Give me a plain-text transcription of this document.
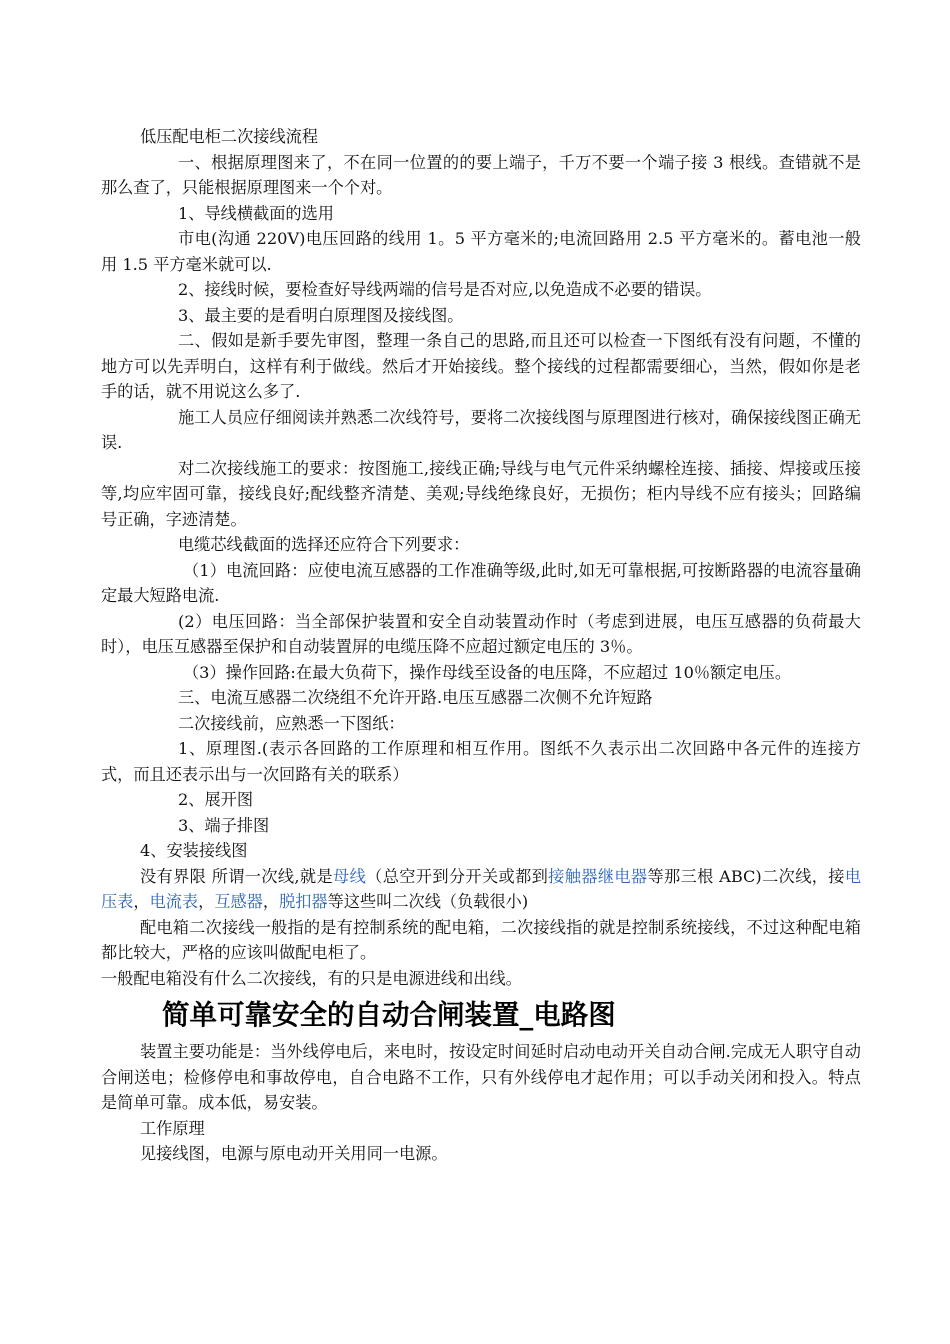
低压配电柜二次接线流程

一、根据原理图来了，不在同一位置的的要上端子，千万不要一个端子接 3 根线。查错就不是那么查了，只能根据原理图来一个个对。

1、导线横截面的选用

市电(沟通 220V)电压回路的线用 1。5 平方毫米的;电流回路用 2.5 平方毫米的。蓄电池一般用 1.5 平方毫米就可以.

2、接线时候，要检查好导线两端的信号是否对应,以免造成不必要的错误。

3、最主要的是看明白原理图及接线图。

二、假如是新手要先审图，整理一条自己的思路,而且还可以检查一下图纸有没有问题，不懂的地方可以先弄明白，这样有利于做线。然后才开始接线。整个接线的过程都需要细心，当然，假如你是老手的话，就不用说这么多了.

施工人员应仔细阅读并熟悉二次线符号，要将二次接线图与原理图进行核对，确保接线图正确无误.

对二次接线施工的要求：按图施工,接线正确;导线与电气元件采纳螺栓连接、插接、焊接或压接等,均应牢固可靠，接线良好;配线整齐清楚、美观;导线绝缘良好，无损伤；柜内导线不应有接头；回路编号正确，字迹清楚。

电缆芯线截面的选择还应符合下列要求：

（1）电流回路：应使电流互感器的工作准确等级,此时,如无可靠根据,可按断路器的电流容量确定最大短路电流.

(2）电压回路：当全部保护装置和安全自动装置动作时（考虑到进展，电压互感器的负荷最大时），电压互感器至保护和自动装置屏的电缆压降不应超过额定电压的 3％。

（3）操作回路:在最大负荷下，操作母线至设备的电压降，不应超过 10％额定电压。

三、电流互感器二次绕组不允许开路.电压互感器二次侧不允许短路

二次接线前，应熟悉一下图纸：

1、原理图.(表示各回路的工作原理和相互作用。图纸不久表示出二次回路中各元件的连接方式，而且还表示出与一次回路有关的联系）

2、展开图

3、端子排图

4、安装接线图

没有界限 所谓一次线,就是母线（总空开到分开关或都到接触器继电器等那三根 ABC)二次线，接电压表，电流表，互感器，脱扣器等这些叫二次线（负载很小)

配电箱二次接线一般指的是有控制系统的配电箱，二次接线指的就是控制系统接线，不过这种配电箱都比较大，严格的应该叫做配电柜了。

一般配电箱没有什么二次接线，有的只是电源进线和出线。

简单可靠安全的自动合闸装置_电路图

装置主要功能是：当外线停电后，来电时，按设定时间延时启动电动开关自动合闸.完成无人职守自动合闸送电；检修停电和事故停电，自合电路不工作，只有外线停电才起作用；可以手动关闭和投入。特点是简单可靠。成本低，易安装。

工作原理

见接线图，电源与原电动开关用同一电源。
